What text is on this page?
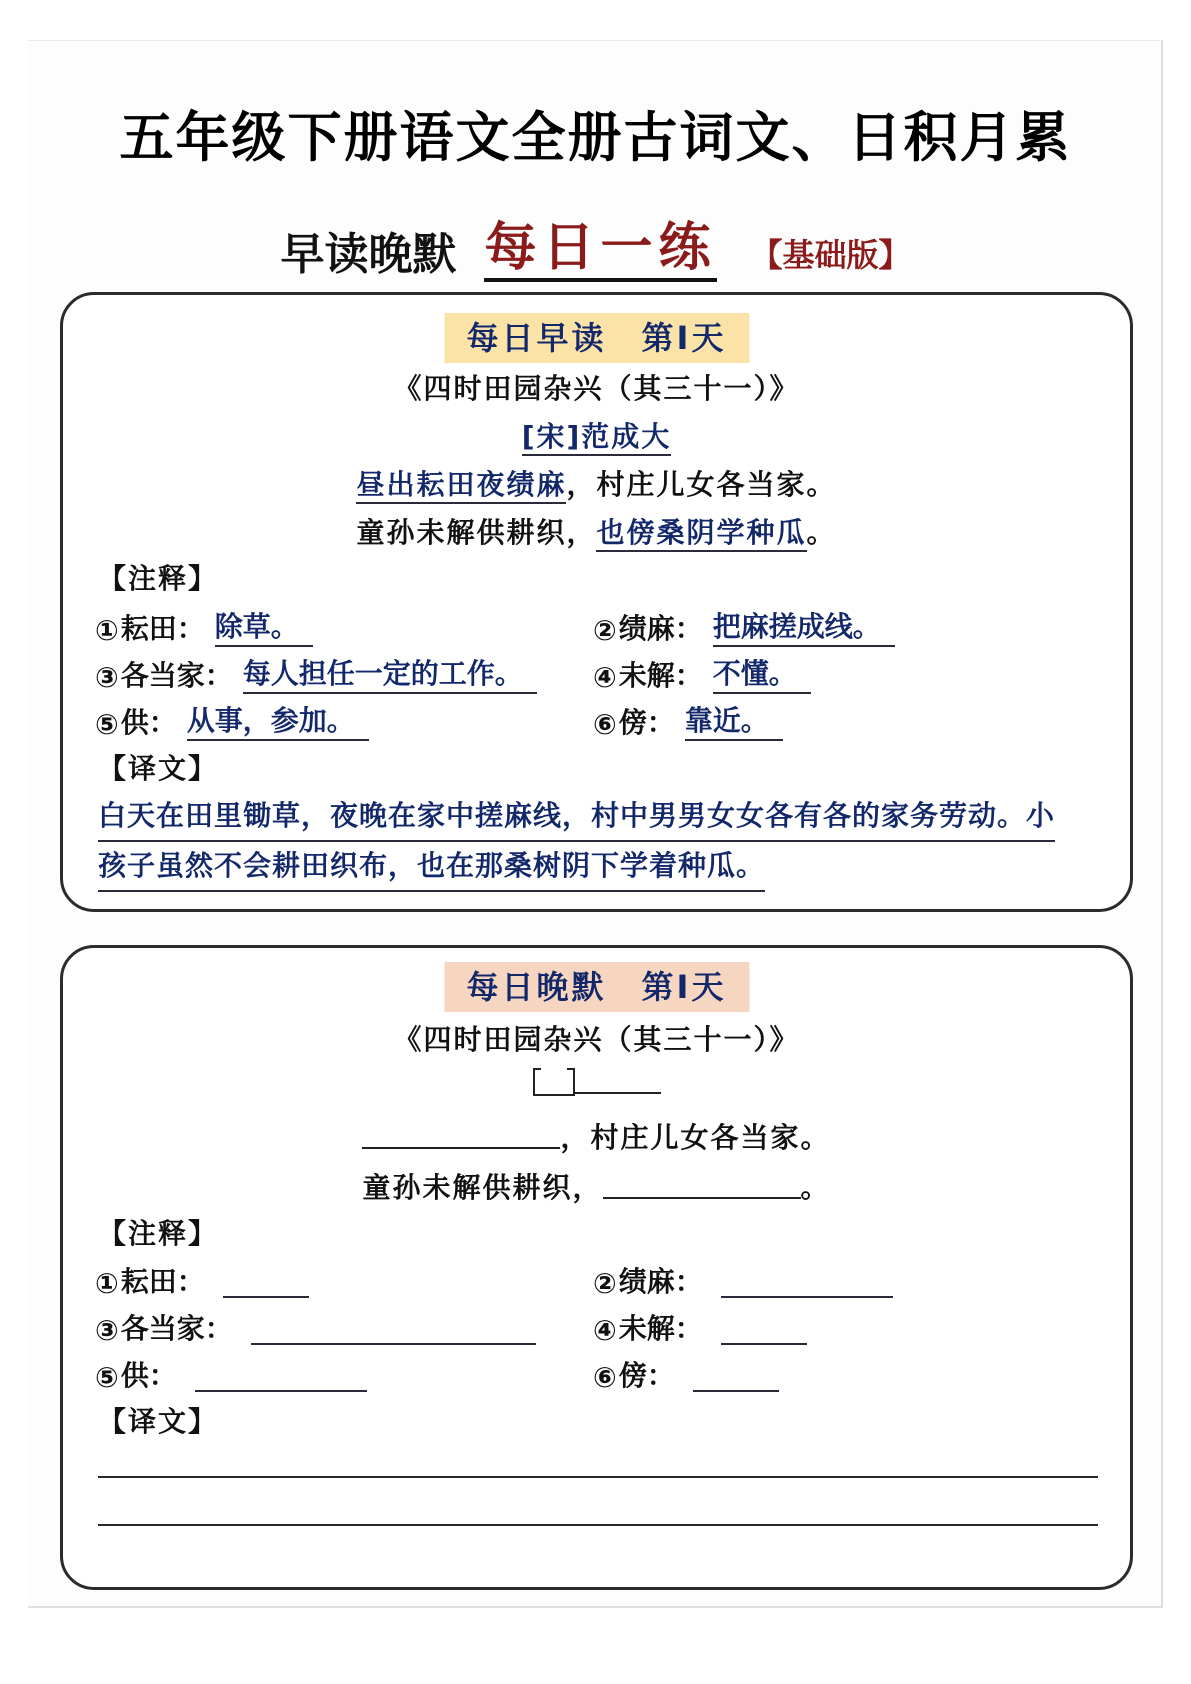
五年级下册语文全册古词文、日积月累
早读晚默 每日一练 【基础版】
每日早读　第Ⅰ天
《四时田园杂兴（其三十一）》
[宋]范成大
昼出耘田夜绩麻，村庄儿女各当家。
童孙未解供耕织，也傍桑阴学种瓜。
【注释】
① 耘田： 除草。	② 绩麻： 把麻搓成线。
③ 各当家： 每人担任一定的工作。	④ 未解： 不懂。
⑤ 供： 从事，参加。	⑥ 傍： 靠近。
【译文】
白天在田里锄草，夜晚在家中搓麻线，村中男男女女各有各的家务劳动。小
孩子虽然不会耕田织布，也在那桑树阴下学着种瓜。
每日晚默　第Ⅰ天
《四时田园杂兴（其三十一）》
，村庄儿女各当家。
童孙未解供耕织，	。
【注释】
① 耘田：	② 绩麻：
③ 各当家：	④ 未解：
⑤ 供：	⑥ 傍：
【译文】
